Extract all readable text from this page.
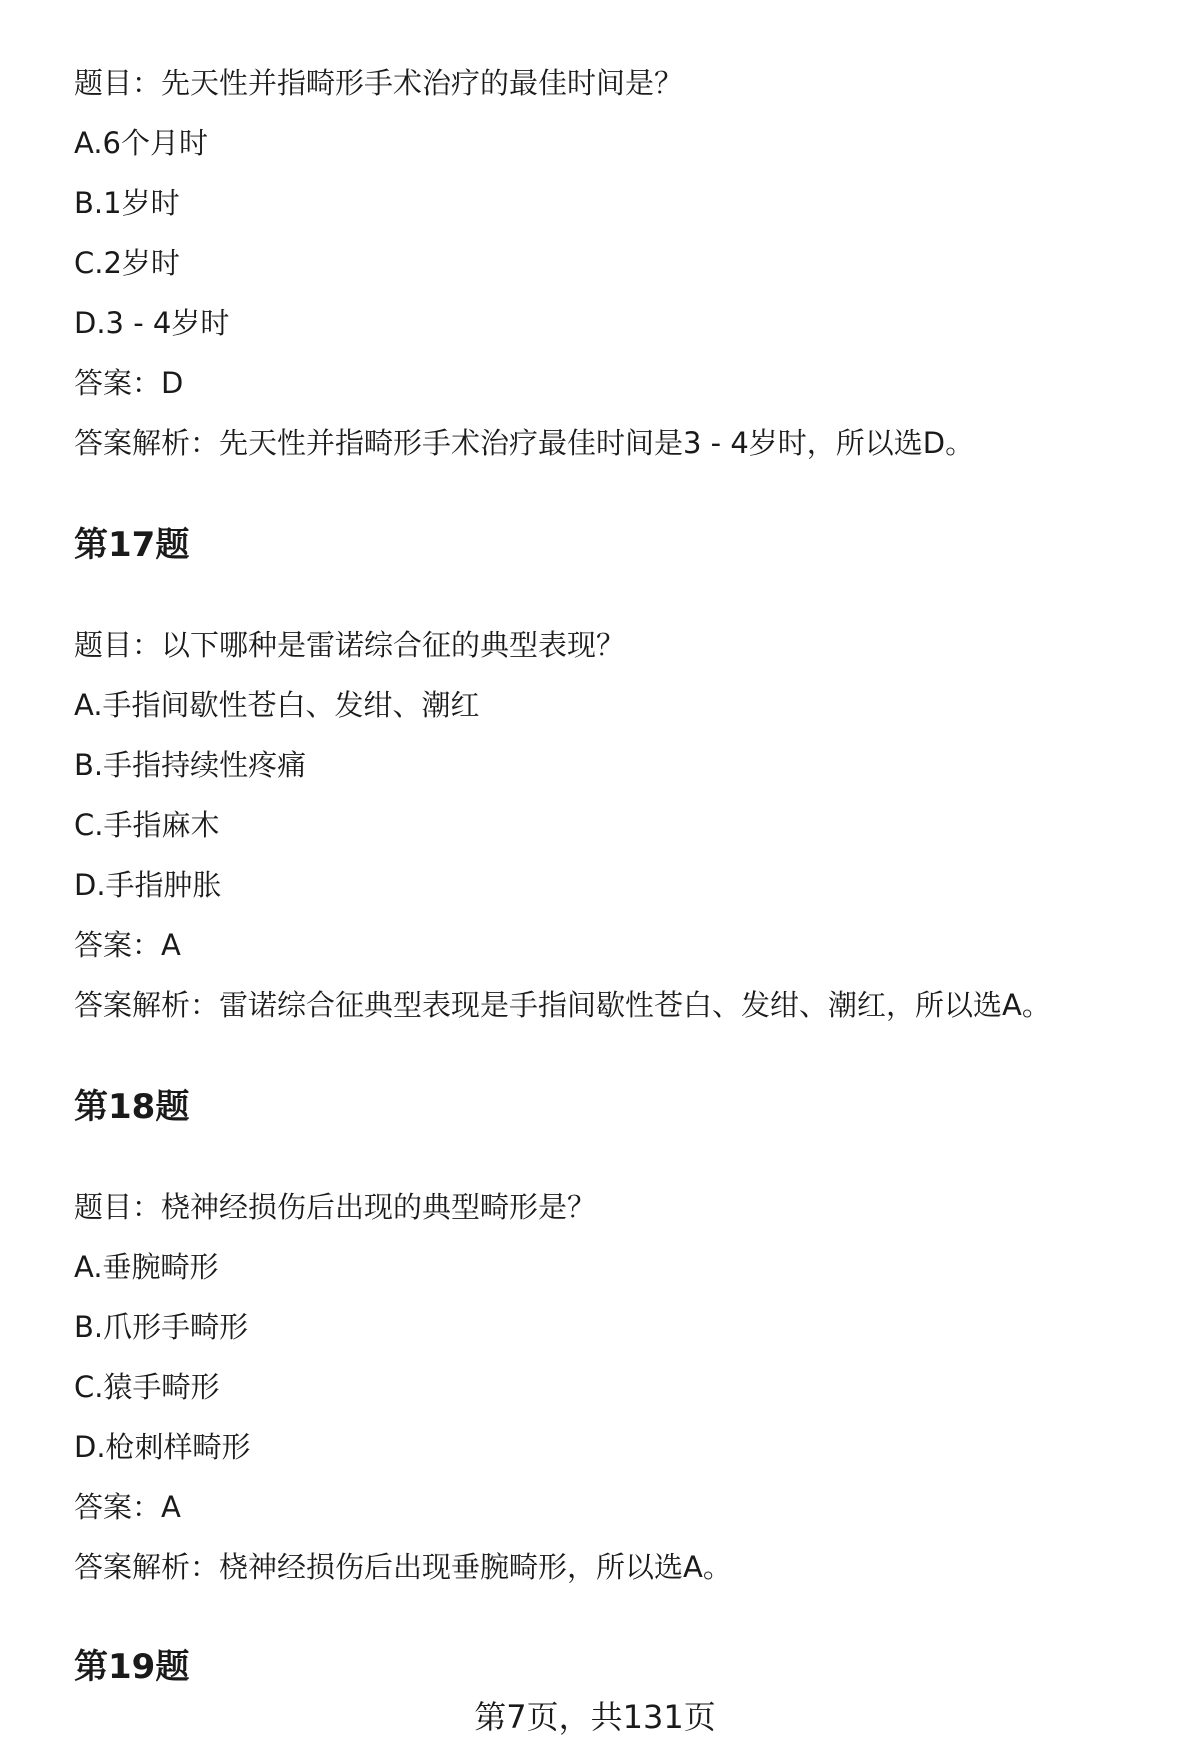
题目：先天性并指畸形手术治疗的最佳时间是？
A.6个月时
B.1岁时
C.2岁时
D.3 - 4岁时
答案：D
答案解析：先天性并指畸形手术治疗最佳时间是3 - 4岁时，所以选D。
第17题
题目：以下哪种是雷诺综合征的典型表现？
A.手指间歇性苍白、发绀、潮红
B.手指持续性疼痛
C.手指麻木
D.手指肿胀
答案：A
答案解析：雷诺综合征典型表现是手指间歇性苍白、发绀、潮红，所以选A。
第18题
题目：桡神经损伤后出现的典型畸形是？
A.垂腕畸形
B.爪形手畸形
C.猿手畸形
D.枪刺样畸形
答案：A
答案解析：桡神经损伤后出现垂腕畸形，所以选A。
第19题
第7页，共131页
